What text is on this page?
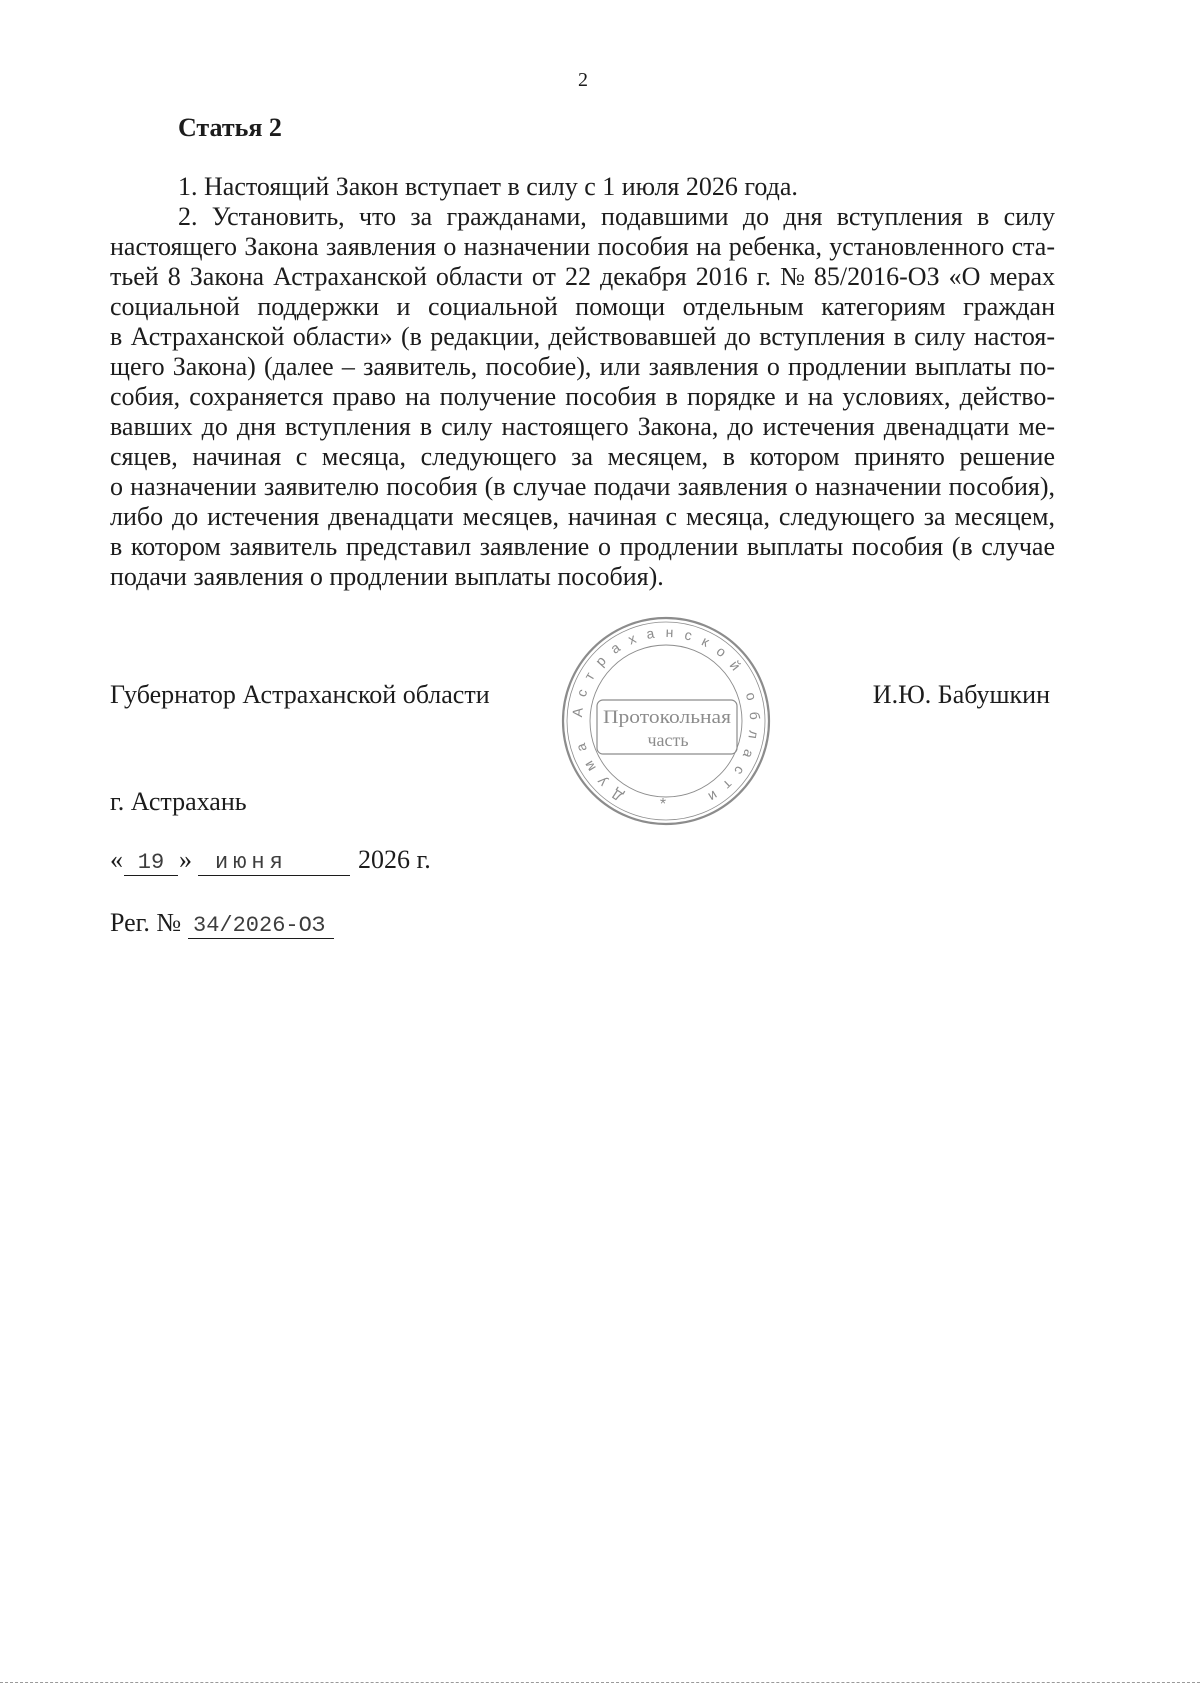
2
Статья 2
1. Настоящий Закон вступает в силу с 1 июля 2026 года.
2. Установить, что за гражданами, подавшими до дня вступления в силу
настоящего Закона заявления о назначении пособия на ребенка, установленного ста-
тьей 8 Закона Астраханской области от 22 декабря 2016 г. № 85/2016-ОЗ «О мерах
социальной поддержки и социальной помощи отдельным категориям граждан
в Астраханской области» (в редакции, действовавшей до вступления в силу настоя-
щего Закона) (далее – заявитель, пособие), или заявления о продлении выплаты по-
собия, сохраняется право на получение пособия в порядке и на условиях, действо-
вавших до дня вступления в силу настоящего Закона, до истечения двенадцати ме-
сяцев, начиная с месяца, следующего за месяцем, в котором принято решение
о назначении заявителю пособия (в случае подачи заявления о назначении пособия),
либо до истечения двенадцати месяцев, начиная с месяца, следующего за месяцем,
в котором заявитель представил заявление о продлении выплаты пособия (в случае
подачи заявления о продлении выплаты пособия).
Губернатор Астраханской области	И.Ю. Бабушкин
Дума Астраханской области
*
Протокольная
часть
г. Астрахань
« 19 »	июня	2026 г.
Рег. № 34/2026-ОЗ
